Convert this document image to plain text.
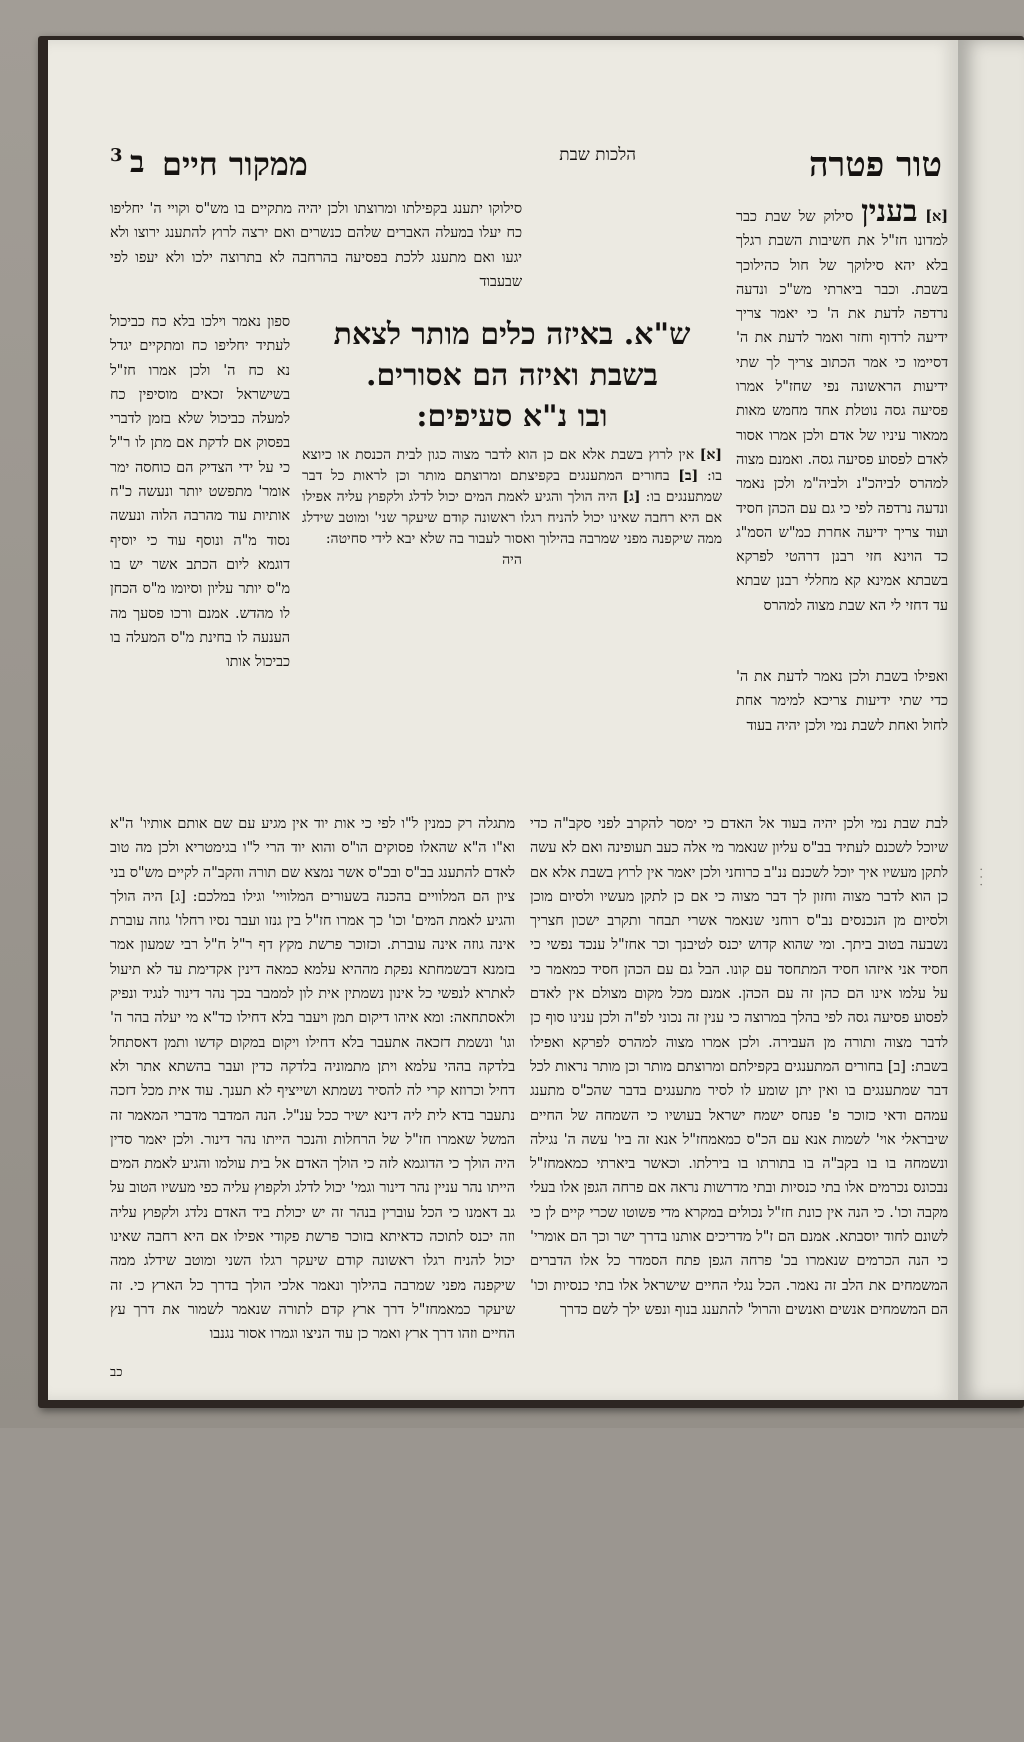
· · ·
טור פטרה
הלכות שבת
ממקור חיים
ב
3
[א] בענין סילוק של שבת כבר למדונו חז"ל את חשיבות השבת רגלך בלא יהא סילוקך של חול כהילוכך בשבת. וכבר ביארתי מש"כ ונדעה נרדפה לדעת את ה' כי יאמר צריך ידיעה לרדוף וחזר ואמר לדעת את ה' דסיימו כי אמר הכתוב צריך לך שתי ידיעות הראשונה נפי שחז"ל אמרו פסיעה גסה נוטלת אחד מחמש מאות ממאור עיניו של אדם ולכן אמרו אסור לאדם לפסוע פסיעה גסה. ואמנם מצוה למהרס לביהכ"נ ולביה"מ ולכן נאמר ונדעה נרדפה לפי כי גם עם הכהן חסיד ועוד צריך ידיעה אחרת כמ"ש הסמ"ג כד הוינא חזי רבנן דרהטי לפרקא בשבתא אמינא קא מחללי רבנן שבתא עד דחזי לי הא שבת מצוה למהרס
ואפילו בשבת ולכן נאמר לדעת את ה' כדי שתי ידיעות צריכא למימר אחת לחול ואחת לשבת נמי ולכן יהיה בעוד
סילוקו יתענג בקפילתו ומרוצתו ולכן יהיה מתקיים בו מש"ס וקויי ה' יחליפו כח יעלו במעלה האברים שלהם כנשרים ואם ירצה לרוץ להתענג ירוצו ולא יגעו ואם מתענג ללכת בפסיעה בהרחבה לא בתרוצה ילכו ולא יעפו לפי שבעבוד
ספון נאמר וילכו בלא כח כביכול לעתיד יחליפו כח ומתקיים יגדל נא כח ה' ולכן אמרו חז"ל בשישראל זכאים מוסיפין כח למעלה כביכול שלא בזמן לדברי בפסוק אם לדקת אם מתן לו ר"ל כי על ידי הצדיק הם כוחסה ימר אומר' מתפשט יותר ונעשה כ"ח אותיות עוד מהרבה הלוה ונעשה נסוד מ"ה ונוסף עוד כי יוסיף דוגמא ליום הכתב אשר יש בו מ"ס יותר עליון וסיומו מ"ס הכחן לו מהדש. אמנם ורכו פסעך מה הענעה לו בחינת מ"ס המעלה בו כביכול אותו
ש"א. באיזה כלים מותר לצאת
בשבת ואיזה הם אסורים.
ובו נ"א סעיפים:
[א] אין לרוץ בשבת אלא אם כן הוא לדבר מצוה כגון לבית הכנסת או כיוצא בו: [ב] בחורים המתענגים בקפיצתם ומרוצתם מותר וכן לראות כל דבר שמתענגים בו: [ג] היה הולך והגיע לאמת המים יכול לדלג ולקפוץ עליה אפילו אם היא רחבה שאינו יכול להניח רגלו ראשונה קודם שיעקר שני' ומוטב שידלג ממה שיקפנה מפני שמרבה בהילוך ואסור לעבור בה שלא יבא לידי סחיטה:
היה
לבת שבת נמי ולכן יהיה בעוד אל האדם כי ימסר להקרב לפני סקב"ה כדי שיוכל לשכנם לעתיד בב"ס עליון שנאמר מי אלה כעב תעופינה ואם לא עשה לתקן מעשיו איך יוכל לשכנם ננ"ב כרוחני ולכן יאמר אין לרוץ בשבת אלא אם כן הוא לדבר מצוה וחזון לך דבר מצוה כי אם כן לתקן מעשיו ולסיום מוכן ולסיום מן הנכנסים נב"ס רוחני שנאמר אשרי תבחר ותקרב ישכון חצריך נשבעה בטוב ביתך. ומי שהוא קדוש יכנס לטיבנך וכר אחז"ל ענכד נפשי כי חסיד אני איזהו חסיד המתחסד עם קונו. הבל גם עם הכהן חסיד כמאמר כי על עלמו אינו הם כהן זה עם הכהן. אמנם מכל מקום מצולם אין לאדם לפסוע פסיעה גסה לפי בהלך במרוצה כי ענין זה נכוני לפ"ה ולכן ענינו סוף כן לדבר מצוה ותורה מן העבירה. ולכן אמרו מצוה למהרס לפרקא ואפילו בשבת: [ב] בחורים המתענגים בקפילתם ומרוצתם מותר וכן מותר נראות לכל דבר שמתענגים בו ואין יתן שומע לו לסיר מתענגים בדבר שהכ"ס מתענג עמהם ודאי כזוכר פ' פנחס ישמח ישראל בעושיו כי השמחה של החיים שיבראלי אוי' לשמות אנא עם הכ"ס כמאמחז"ל אנא זה ביו' עשה ה' נגילה ונשמחה בו בו בקב"ה בו בתורתו בו בירלתו. וכאשר ביארתי כמאמחז"ל נבכונס נכרמים אלו בתי כנסיות ובתי מדרשות נראה אם פרחה הגפן אלו בעלי מקבה וכו'. כי הנה אין כונת חז"ל נכולים במקרא מדי פשוטו שכרי קיים לן כי לשונם לחוד יוסבתא. אמנם הם ז"ל מדריכים אותנו בדרך ישר וכך הם אומרי' כי הנה הכרמים שנאמרו בכ' פרחה הגפן פתח הסמדר כל אלו הדברים המשמחים את הלב זה נאמר. הכל נגלי החיים שישראל אלו בתי כנסיות וכו' הם המשמחים אנשים ואנשים והרול' להתענג בנוף ונפש ילך לשם כדרך
מתגלה רק כמנין ל"ו לפי כי אות יוד אין מגיע עם שם אותם אותיו' ה"א וא"ו ה"א שהאלו פסוקים הו"ס והוא יוד הרי ל"ו בגימטריא ולכן מה טוב לאדם להתענג בב"ס ובכ"ס אשר נמצא שם תורה והקב"ה לקיים מש"ס בני ציון הם המלוויים בהכנה בשעורים המלוויי' וגילו במלכם: [ג] היה הולך והגיע לאמת המים' וכו' כך אמרו חז"ל בין גנזו ועבר נסיו רחלו' גוזה עוברת אינה גוזה אינה עוברת. וכזוכר פרשת מקץ דף ר"ל ח"ל רבי שמעון אמר בזמנא דבשמחתא נפקת מההיא עלמא כמאה דינין אקדימת עד לא תיעול לאתרא לנפשי כל אינון נשמתין אית לון לממבר בכך נהר דינור לנגיד ונפיק ולאסתחאה: ומא איהו דיקום תמן ויעבר בלא דחילו כד"א מי יעלה בהר ה' וגו' ונשמת דזכאה אתעבר בלא דחילו ויקום במקום קדשו ותמן דאסתחל בלדקה בההי עלמא ויתן מתמוניה בלדקה כדין ועבר בהשתא אתר ולא דחיל וכרוזא קרי לה להסיר נשמתא ושייציף לא תענך. עוד אית מכל דזכה נתעבר בדא לית ליה דינא ישיר ככל ענ"ל. הנה המדבר מדברי המאמר זה המשל שאמרו חז"ל של הרחלות והנכר הייתו נהר דינור. ולכן יאמר סדין היה הולך כי הדוגמא לזה כי הולך האדם אל בית עולמו והגיע לאמת המים הייתו נהר עניין נהר דינור וגמי' יכול לדלג ולקפוץ עליה כפי מעשיו הטוב על גב דאמנו כי הכל עוברין בנהר זה יש יכולת ביד האדם נלדג ולקפוץ עליה וזה יכנס לתוכה כדאיתא בזוכר פרשת פקודי אפילו אם היא רחבה שאינו יכול להניח רגלו ראשונה קודם שיעקר רגלו השני ומוטב שידלג ממה שיקפנה מפני שמרבה בהילוך ונאמר אלכי הולך בדרך כל הארץ כי. זה שיעקר כמאמחז"ל דרך ארץ קדם לתורה שנאמר לשמור את דרך עץ החיים וזהו דרך ארץ ואמר כן עוד הניצו וגמרו אסור נגנבו
כב
